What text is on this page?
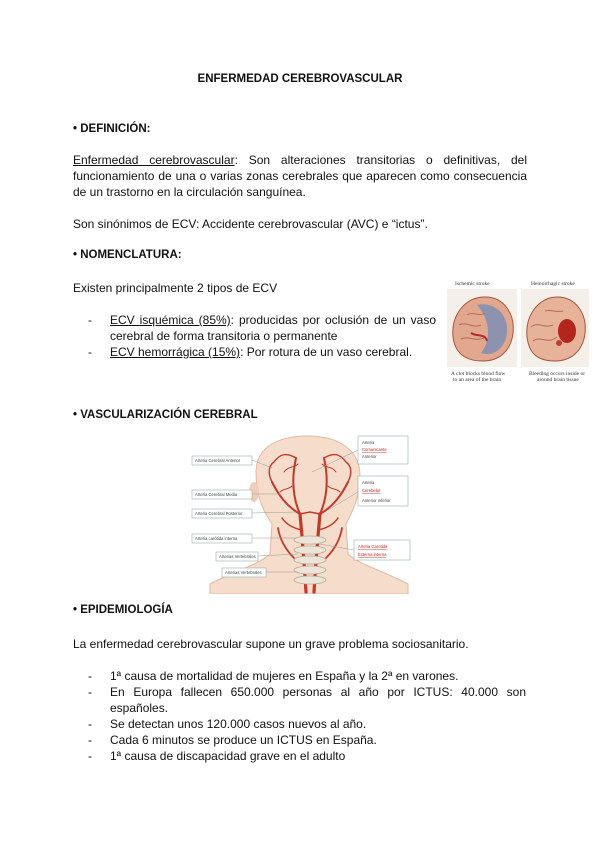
ENFERMEDAD CEREBROVASCULAR
• DEFINICIÓN:
Enfermedad cerebrovascular: Son alteraciones transitorias o definitivas, del funcionamiento de una o varias zonas cerebrales que aparecen como consecuencia de un trastorno en la circulación sanguínea.
Son sinónimos de ECV: Accidente cerebrovascular (AVC) e “ictus”.
• NOMENCLATURA:
Existen principalmente 2 tipos de ECV
- ECV isquémica (85%): producidas por oclusión de un vaso cerebral de forma transitoria o permanente
- ECV hemorrágica (15%): Por rotura de un vaso cerebral.
Ischemic stroke	Hemorrhagic stroke
A clot blocks blood flow
to an area of the brain
Bleeding occurs inside or
around brain tissue
• VASCULARIZACIÓN CEREBRAL
Arteria Cerebral Anterior
Arteria Cerebral Media
Arteria Cerebral Posterior
Arteria carótida interna
Arterias Vertebrales
Arterias Vertebrales
Arteria
Comunicante
Anterior
Arteria
Cerebelar
Anterior inferior
Arteria Carotida
Externa interna
• EPIDEMIOLOGÍA
La enfermedad cerebrovascular supone un grave problema sociosanitario.
- 1ª causa de mortalidad de mujeres en España y la 2ª en varones.
- En Europa fallecen 650.000 personas al año por ICTUS: 40.000 son españoles.
- Se detectan unos 120.000 casos nuevos al año.
- Cada 6 minutos se produce un ICTUS en España.
- 1ª causa de discapacidad grave en el adulto
